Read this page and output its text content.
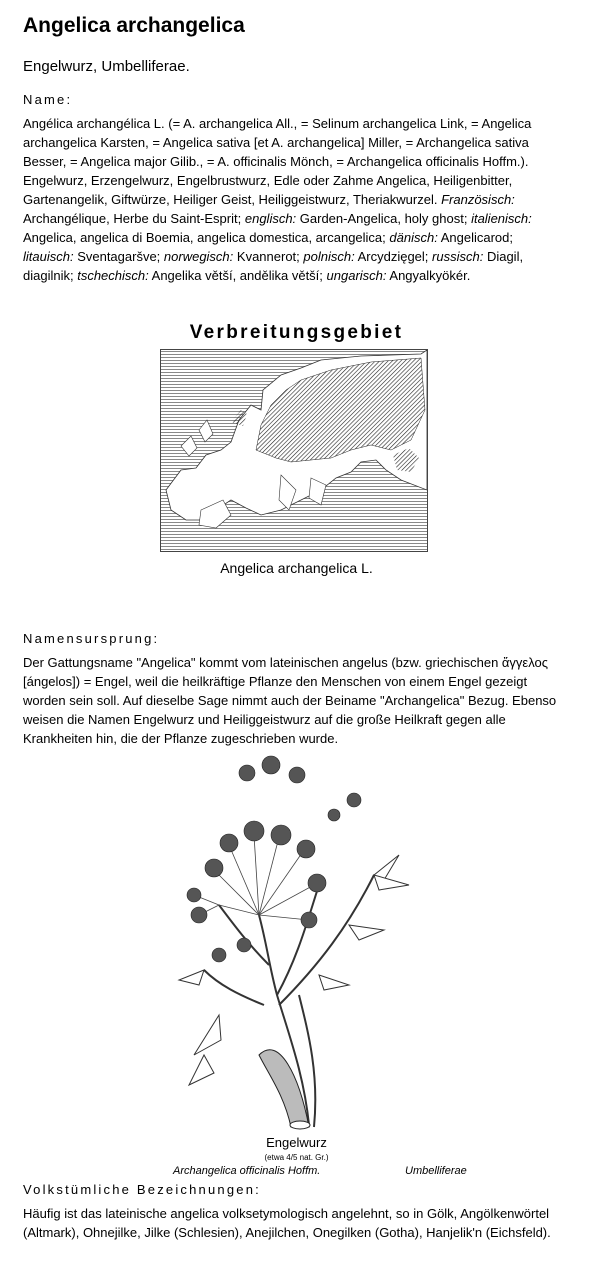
Angelica archangelica

Engelwurz, Umbelliferae.

Name:

Angélica archangélica L. (= A. archangelica All., = Selinum archangelica Link, = Angelica archangelica Karsten, = Angelica sativa [et A. archangelica] Miller, = Archangelica sativa Besser, = Angelica major Gilib., = A. officinalis Mönch, = Archangelica officinalis Hoffm.). Engelwurz, Erzengelwurz, Engelbrustwurz, Edle oder Zahme Angelica, Heiligenbitter, Gartenangelik, Giftwürze, Heiliger Geist, Heiliggeistwurz, Theriakwurzel. Französisch: Archangélique, Herbe du Saint-Esprit; englisch: Garden-Angelica, holy ghost; italienisch: Angelica, angelica di Boemia, angelica domestica, arcangelica; dänisch: Angelicarod; litauisch: Sventagaršve; norwegisch: Kvannerot; polnisch: Arcydzięgel; russisch: Diagil, diagilnik; tschechisch: Angelika větší, andělika větší; ungarisch: Angyalkyökér.

Verbreitungsgebiet

Angelica archangelica L.

Namensursprung:

Der Gattungsname "Angelica" kommt vom lateinischen angelus (bzw. griechischen ἄγγελος [ángelos]) = Engel, weil die heilkräftige Pflanze den Menschen von einem Engel gezeigt worden sein soll. Auf dieselbe Sage nimmt auch der Beiname "Archangelica" Bezug. Ebenso weisen die Namen Engelwurz und Heiliggeistwurz auf die große Heilkraft gegen alle Krankheiten hin, die der Pflanze zugeschrieben wurde.

Engelwurz

(etwa 4/5 nat. Gr.)

Archangelica officinalis Hoffm.	Umbelliferae

Volkstümliche Bezeichnungen:

Häufig ist das lateinische angelica volksetymologisch angelehnt, so in Gölk, Angölkenwörtel (Altmark), Ohnejilke, Jilke (Schlesien), Anejilchen, Onegilken (Gotha), Hanjelik'n (Eichsfeld).
